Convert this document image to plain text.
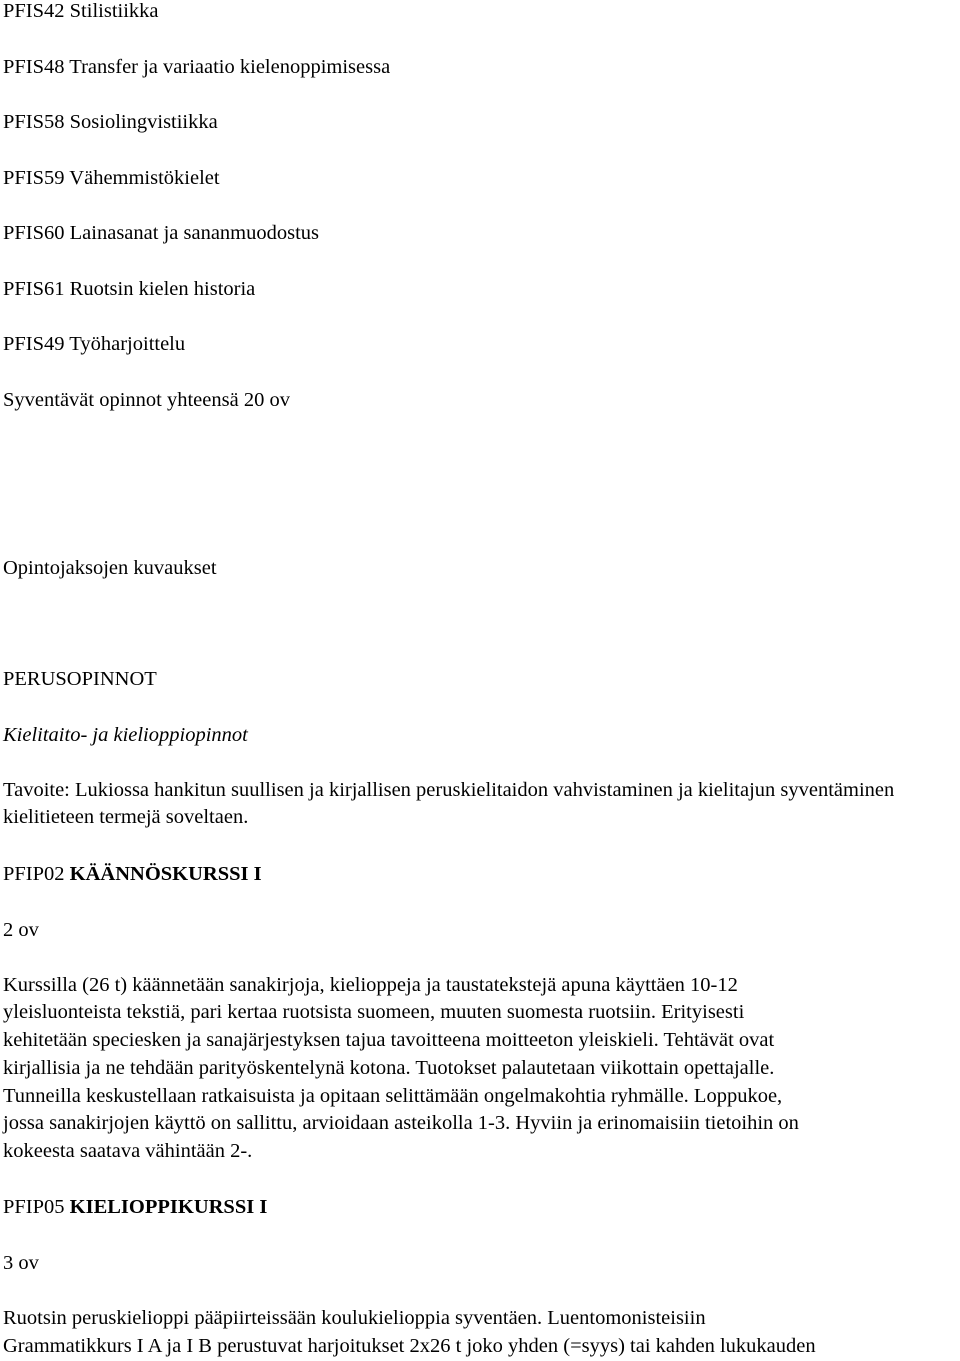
PFIS42 Stilistiikka
PFIS48 Transfer ja variaatio kielenoppimisessa
PFIS58 Sosiolingvistiikka
PFIS59 Vähemmistökielet
PFIS60 Lainasanat ja sananmuodostus
PFIS61 Ruotsin kielen historia
PFIS49 Työharjoittelu
Syventävät opinnot yhteensä 20 ov
Opintojaksojen kuvaukset
PERUSOPINNOT
Kielitaito- ja kielioppiopinnot
Tavoite: Lukiossa hankitun suullisen ja kirjallisen peruskielitaidon vahvistaminen ja kielitajun syventäminen kielitieteen termejä soveltaen.
PFIP02 KÄÄNNÖSKURSSI I
2 ov
Kurssilla (26 t) käännetään sanakirjoja, kielioppeja ja taustatekstejä apuna käyttäen 10-12
yleisluonteista tekstiä, pari kertaa ruotsista suomeen, muuten suomesta ruotsiin. Erityisesti
kehitetään speciesken ja sanajärjestyksen tajua tavoitteena moitteeton yleiskieli. Tehtävät ovat
kirjallisia ja ne tehdään parityöskentelynä kotona. Tuotokset palautetaan viikottain opettajalle.
Tunneilla keskustellaan ratkaisuista ja opitaan selittämään ongelmakohtia ryhmälle. Loppukoe,
jossa sanakirjojen käyttö on sallittu, arvioidaan asteikolla 1-3. Hyviin ja erinomaisiin tietoihin on
kokeesta saatava vähintään 2-.
PFIP05 KIELIOPPIKURSSI I
3 ov
Ruotsin peruskielioppi pääpiirteissään koulukielioppia syventäen. Luentomonisteisiin
Grammatikkurs I A ja I B perustuvat harjoitukset 2x26 t joko yhden (=syys) tai kahden lukukauden
